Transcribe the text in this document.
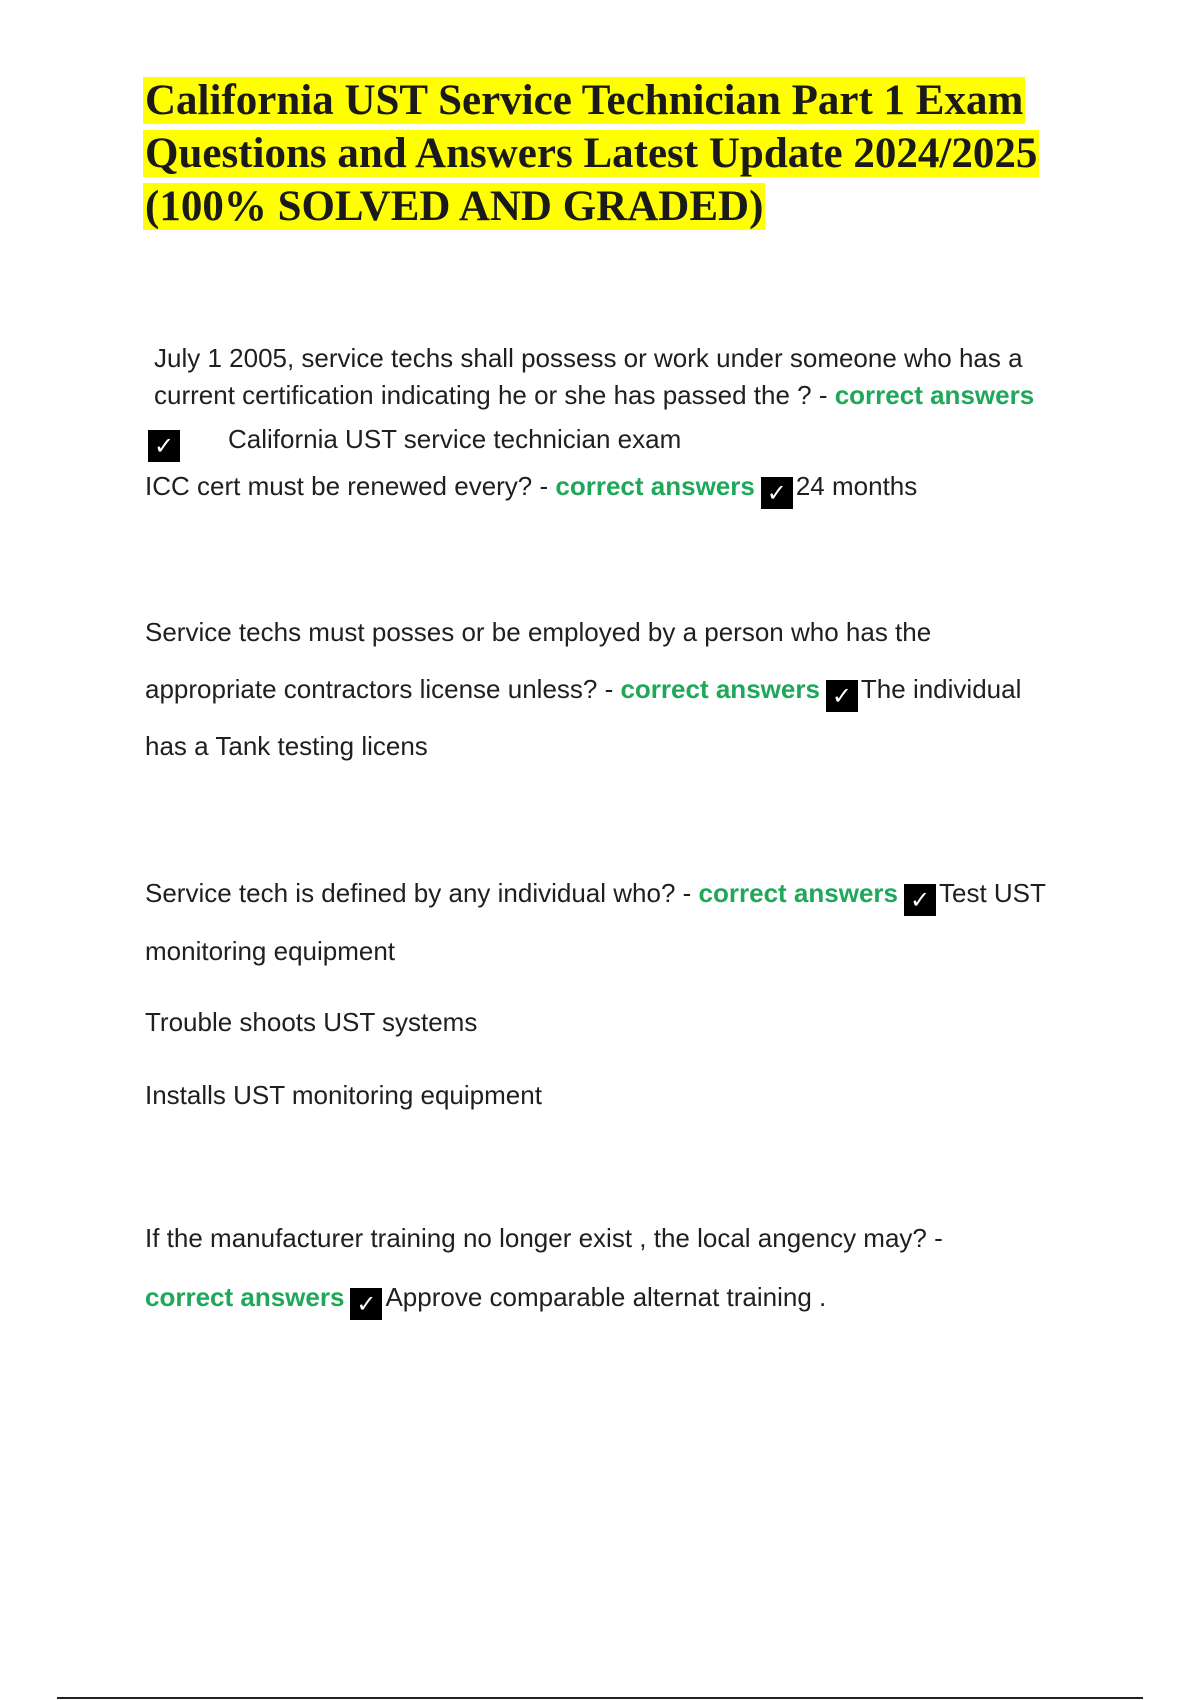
California UST Service Technician Part 1 Exam Questions and Answers Latest Update 2024/2025 (100% SOLVED AND GRADED)
July 1 2005, service techs shall possess or work under someone who has a
current certification indicating he or she has passed the ? - correct answers
✓ California UST service technician exam
ICC cert must be renewed every? - correct answers ✓ 24 months
Service techs must posses or be employed by a person who has the
appropriate contractors license unless? - correct answers ✓ The individual
has a Tank testing licens
Service tech is defined by any individual who? - correct answers ✓ Test UST
monitoring equipment
Trouble shoots UST systems
Installs UST monitoring equipment
If the manufacturer training no longer exist , the local angency may? -
correct answers ✓ Approve comparable alternat training .
